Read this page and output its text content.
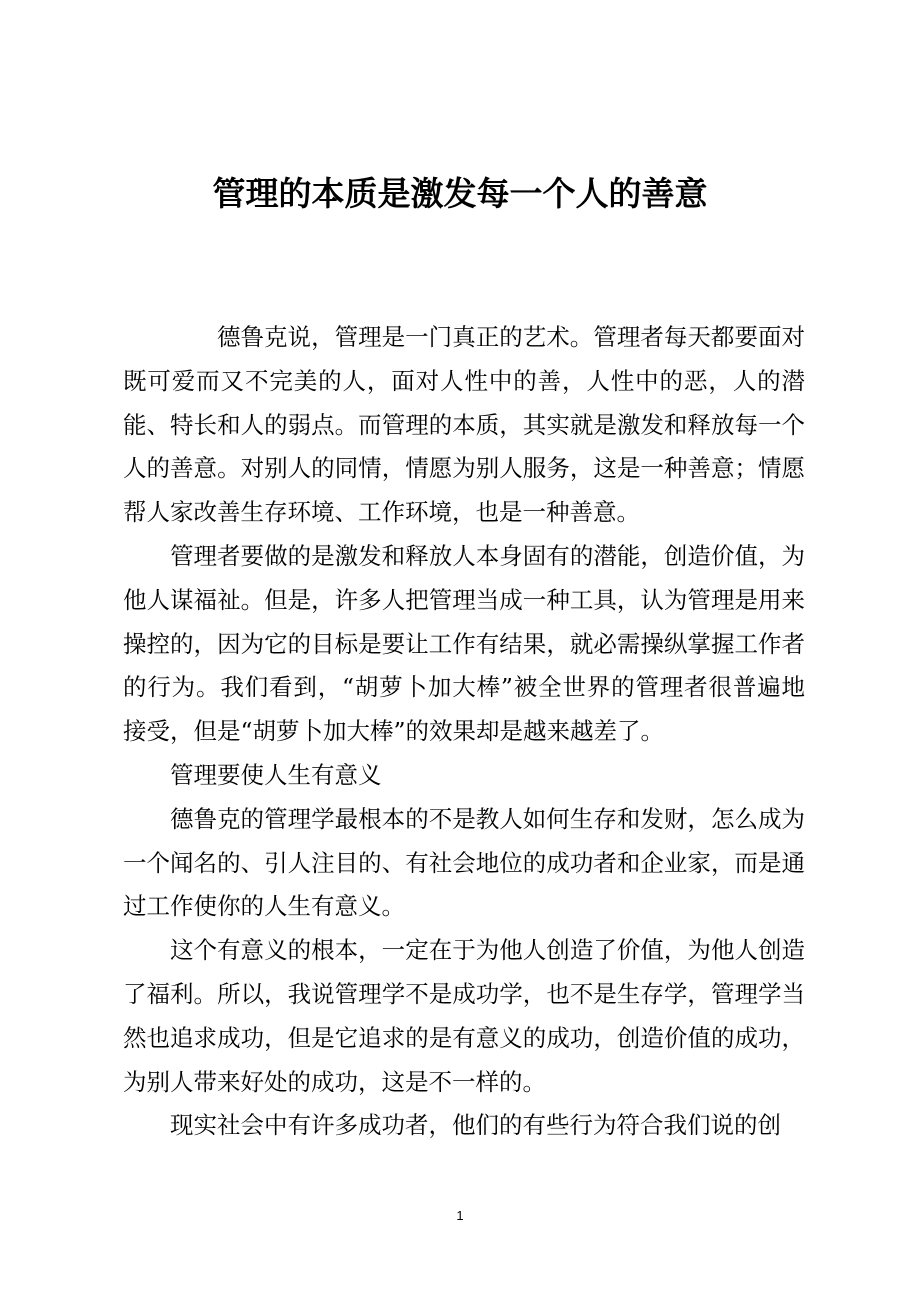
管理的本质是激发每一个人的善意

德鲁克说，管理是一门真正的艺术。管理者每天都要面对既可爱而又不完美的人，面对人性中的善，人性中的恶，人的潜能、特长和人的弱点。而管理的本质，其实就是激发和释放每一个人的善意。对别人的同情，情愿为别人服务，这是一种善意；情愿帮人家改善生存环境、工作环境，也是一种善意。

管理者要做的是激发和释放人本身固有的潜能，创造价值，为他人谋福祉。但是，许多人把管理当成一种工具，认为管理是用来操控的，因为它的目标是要让工作有结果，就必需操纵掌握工作者的行为。我们看到，“胡萝卜加大棒”被全世界的管理者很普遍地接受，但是“胡萝卜加大棒”的效果却是越来越差了。

管理要使人生有意义

德鲁克的管理学最根本的不是教人如何生存和发财，怎么成为一个闻名的、引人注目的、有社会地位的成功者和企业家，而是通过工作使你的人生有意义。

这个有意义的根本，一定在于为他人创造了价值，为他人创造了福利。所以，我说管理学不是成功学，也不是生存学，管理学当然也追求成功，但是它追求的是有意义的成功，创造价值的成功，为别人带来好处的成功，这是不一样的。

现实社会中有许多成功者，他们的有些行为符合我们说的创

1
